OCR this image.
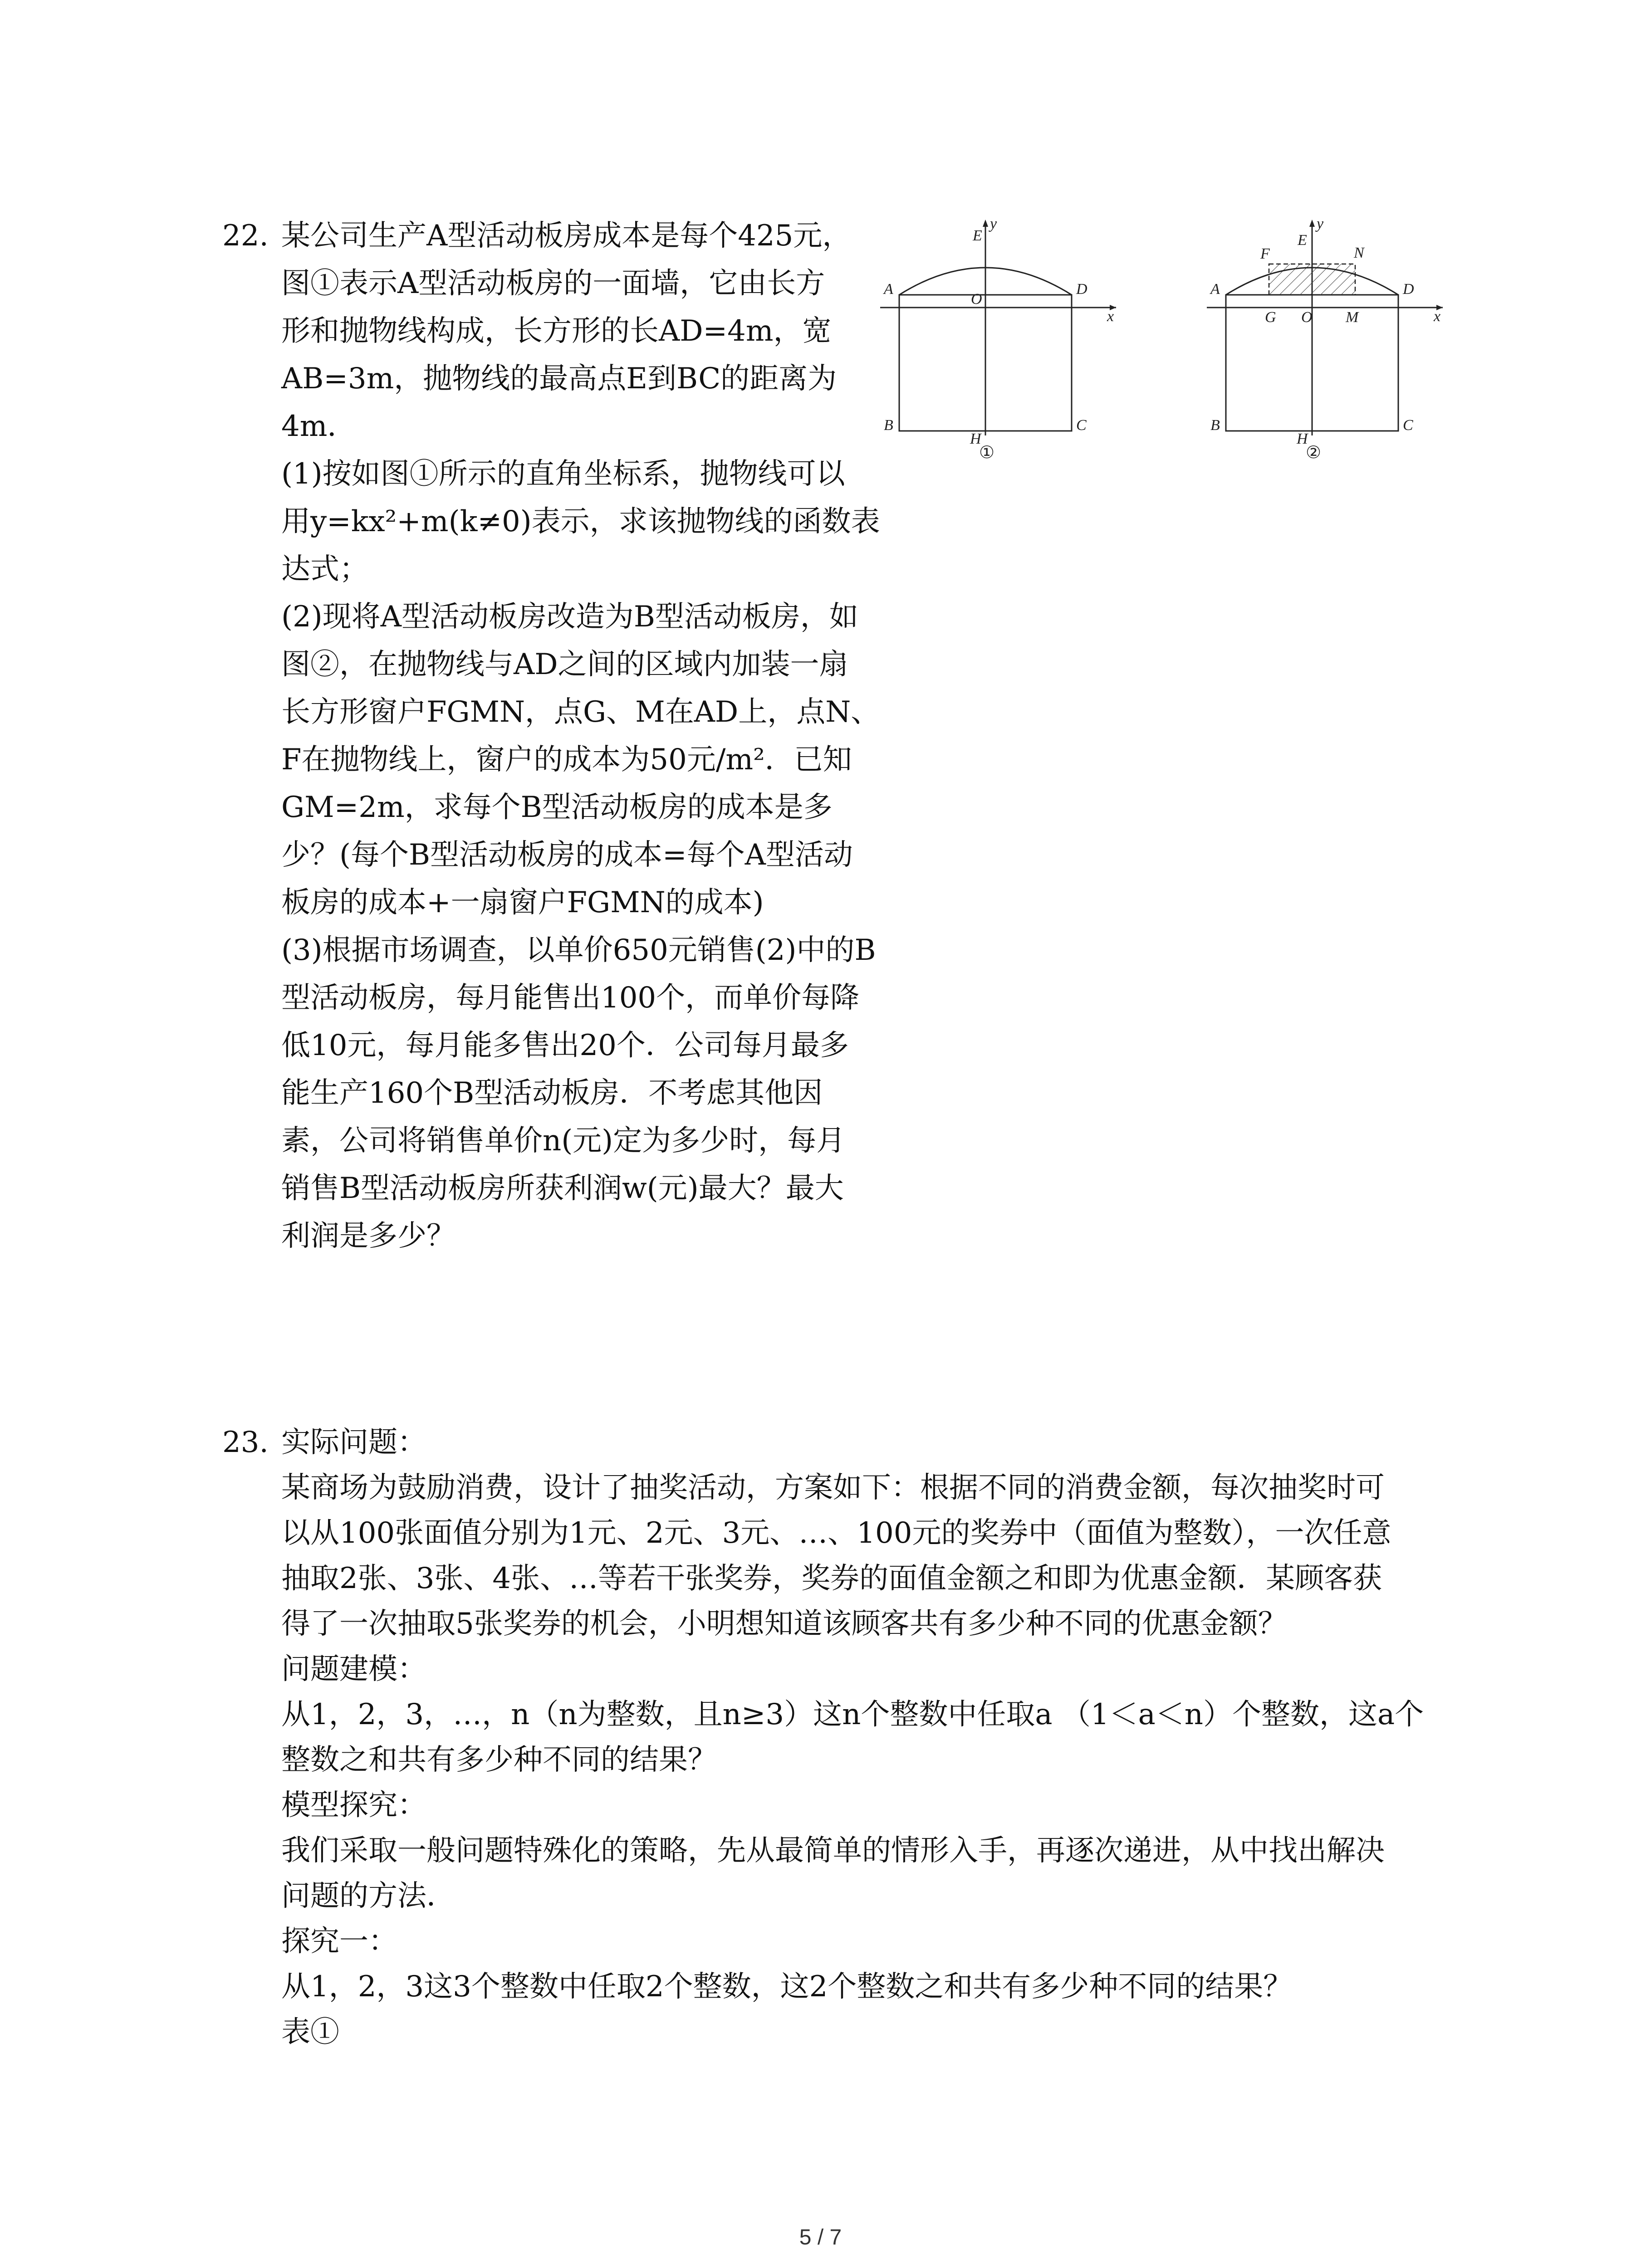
22. 某公司生产A型活动板房成本是每个425元，
图①表示A型活动板房的一面墙，它由长方
形和抛物线构成，长方形的长AD=4m，宽
AB=3m，抛物线的最高点E到BC的距离为
4m．
(1)按如图①所示的直角坐标系，抛物线可以
用y=kx²+m(k≠0)表示，求该抛物线的函数表
达式；
(2)现将A型活动板房改造为B型活动板房，如
图②，在抛物线与AD之间的区域内加装一扇
长方形窗户FGMN，点G、M在AD上，点N、
F在抛物线上，窗户的成本为50元/m²．已知
GM=2m，求每个B型活动板房的成本是多
少？(每个B型活动板房的成本=每个A型活动
板房的成本+一扇窗户FGMN的成本)
(3)根据市场调查，以单价650元销售(2)中的B
型活动板房，每月能售出100个，而单价每降
低10元，每月能多售出20个．公司每月最多
能生产160个B型活动板房．不考虑其他因
素，公司将销售单价n(元)定为多少时，每月
销售B型活动板房所获利润w(元)最大？最大
利润是多少？
A	D
B	C
E
y
O
x
H
①
A	D
B	C
E
y
F	N
G O M	x
H
②
23. 实际问题：
某商场为鼓励消费，设计了抽奖活动，方案如下：根据不同的消费金额，每次抽奖时可
以从100张面值分别为1元、2元、3元、…、100元的奖券中（面值为整数），一次任意
抽取2张、3张、4张、…等若干张奖券，奖券的面值金额之和即为优惠金额．某顾客获
得了一次抽取5张奖券的机会，小明想知道该顾客共有多少种不同的优惠金额？
问题建模：
从1，2，3，…，n（n为整数，且n≥3）这n个整数中任取a （1＜a＜n）个整数，这a个
整数之和共有多少种不同的结果？
模型探究：
我们采取一般问题特殊化的策略，先从最简单的情形入手，再逐次递进，从中找出解决
问题的方法．
探究一：
从1，2，3这3个整数中任取2个整数，这2个整数之和共有多少种不同的结果？
表①
5 / 7
